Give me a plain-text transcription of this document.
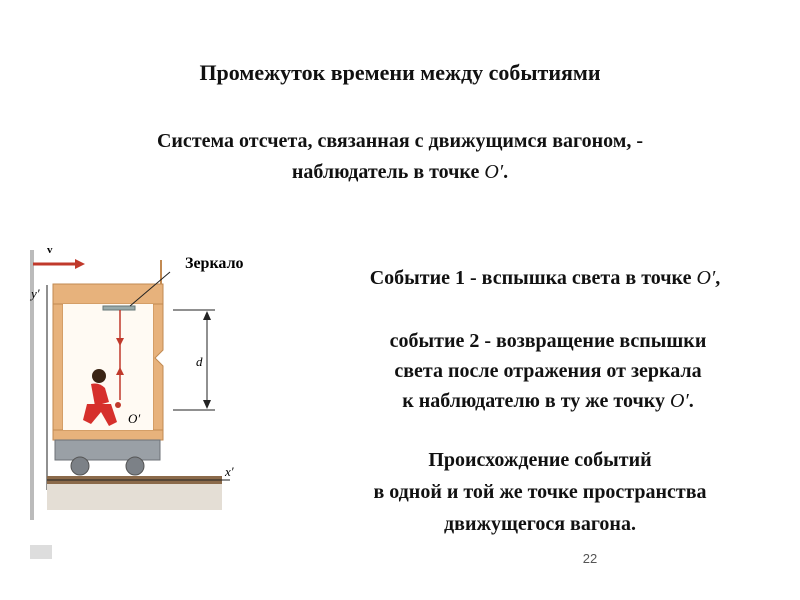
Промежуток времени между событиями
Система отсчета, связанная с движущимся вагоном, -
наблюдатель в точке O′.
v
y′
Зеркало
O′
d
x′
Событие 1 - вспышка света в точке O′,
событие 2 - возвращение вспышки
света после отражения от зеркала
к наблюдателю в ту же точку O′.
Происхождение событий
в одной и той же точке пространства
движущегося вагона.
22
